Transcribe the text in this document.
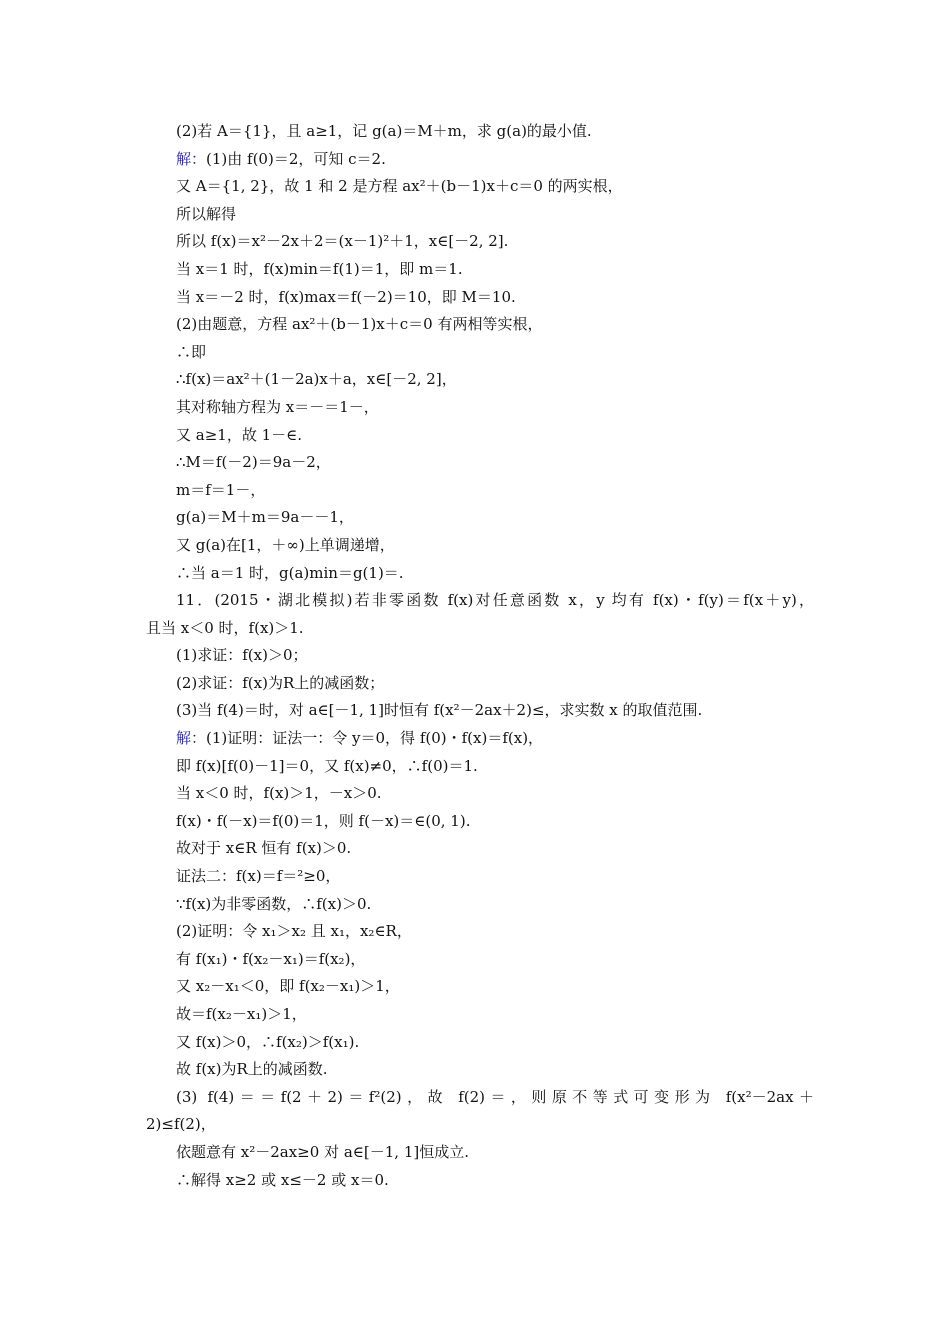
(2)若 A＝{1}，且 a≥1，记 g(a)＝M＋m，求 g(a)的最小值.
解：(1)由 f(0)＝2，可知 c＝2.
又 A＝{1, 2}，故 1 和 2 是方程 ax²＋(b－1)x＋c＝0 的两实根，
所以解得
所以 f(x)＝x²－2x＋2＝(x－1)²＋1，x∈[－2, 2].
当 x＝1 时，f(x)min＝f(1)＝1，即 m＝1.
当 x＝－2 时，f(x)max＝f(－2)＝10，即 M＝10.
(2)由题意，方程 ax²＋(b－1)x＋c＝0 有两相等实根，
∴即
∴f(x)＝ax²＋(1－2a)x＋a，x∈[－2, 2]，
其对称轴方程为 x＝－＝1－，
又 a≥1，故 1－∈.
∴M＝f(－2)＝9a－2，
m＝f＝1－，
g(a)＝M＋m＝9a－－1，
又 g(a)在[1，＋∞)上单调递增，
∴当 a＝1 时，g(a)min＝g(1)＝.
11．(2015・湖北模拟)若非零函数 f(x)对任意函数 x，y 均有 f(x)・f(y)＝f(x＋y)，
且当 x＜0 时，f(x)＞1.
(1)求证：f(x)＞0；
(2)求证：f(x)为R上的减函数；
(3)当 f(4)＝时，对 a∈[－1, 1]时恒有 f(x²－2ax＋2)≤，求实数 x 的取值范围.
解：(1)证明：证法一：令 y＝0，得 f(0)・f(x)＝f(x)，
即 f(x)[f(0)－1]＝0，又 f(x)≠0，∴f(0)＝1.
当 x＜0 时，f(x)＞1，－x＞0.
f(x)・f(－x)＝f(0)＝1，则 f(－x)＝∈(0, 1).
故对于 x∈R 恒有 f(x)＞0.
证法二：f(x)＝f＝²≥0，
∵f(x)为非零函数，∴f(x)＞0.
(2)证明：令 x₁＞x₂ 且 x₁，x₂∈R，
有 f(x₁)・f(x₂－x₁)＝f(x₂)，
又 x₂－x₁＜0，即 f(x₂－x₁)＞1，
故＝f(x₂－x₁)＞1，
又 f(x)＞0，∴f(x₂)＞f(x₁).
故 f(x)为R上的减函数.
(3) f(4)＝＝f(2＋2)＝f²(2)，故 f(2)＝，则原不等式可变形为 f(x²－2ax＋
2)≤f(2)，
依题意有 x²－2ax≥0 对 a∈[－1, 1]恒成立.
∴解得 x≥2 或 x≤－2 或 x＝0.
